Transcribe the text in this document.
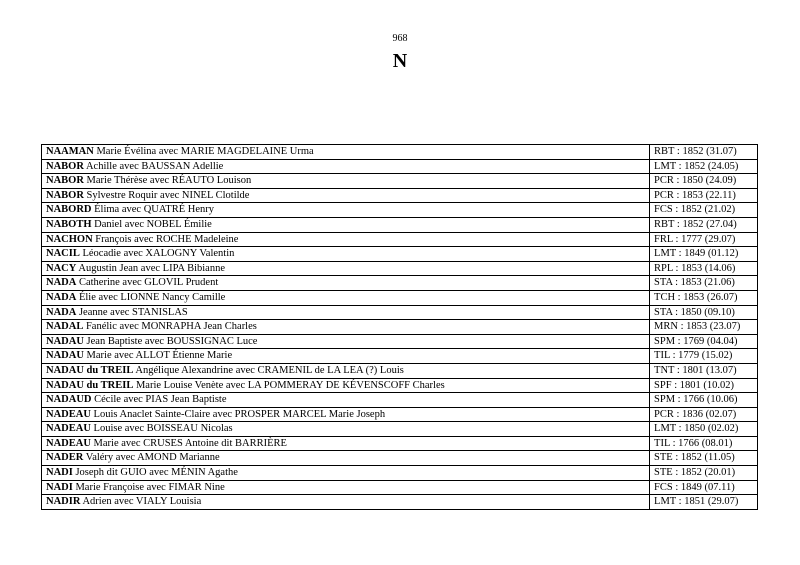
968
N
NAAMAN Marie Évélina avec MARIE MAGDELAINE Urma	RBT : 1852 (31.07)
NABOR Achille avec BAUSSAN Adellie	LMT : 1852 (24.05)
NABOR Marie Thérèse avec RÉAUTO Louison	PCR : 1850 (24.09)
NABOR Sylvestre Roquir avec NINEL Clotilde	PCR : 1853 (22.11)
NABORD Élima avec QUATRÉ Henry	FCS : 1852 (21.02)
NABOTH Daniel avec NOBEL Émilie	RBT : 1852 (27.04)
NACHON François avec ROCHE Madeleine	FRL : 1777 (29.07)
NACIL Léocadie avec XALOGNY Valentin	LMT : 1849 (01.12)
NACY Augustin Jean avec LIPA Bibianne	RPL : 1853 (14.06)
NADA Catherine avec GLOVIL Prudent	STA : 1853 (21.06)
NADA Élie avec LIONNE Nancy Camille	TCH : 1853 (26.07)
NADA Jeanne avec STANISLAS	STA : 1850 (09.10)
NADAL Fanélic avec MONRAPHA Jean Charles	MRN : 1853 (23.07)
NADAU Jean Baptiste avec BOUSSIGNAC Luce	SPM : 1769 (04.04)
NADAU Marie avec ALLOT Étienne Marie	TIL : 1779 (15.02)
NADAU du TREIL Angélique Alexandrine avec CRAMENIL de LA LEA (?) Louis	TNT : 1801 (13.07)
NADAU du TREIL Marie Louise Venète avec LA POMMERAY DE KÉVENSCOFF Charles	SPF : 1801 (10.02)
NADAUD Cécile avec PIAS Jean Baptiste	SPM : 1766 (10.06)
NADEAU Louis Anaclet Sainte-Claire avec PROSPER MARCEL Marie Joseph	PCR : 1836 (02.07)
NADEAU Louise avec BOISSEAU Nicolas	LMT : 1850 (02.02)
NADEAU Marie avec CRUSES Antoine dit BARRIÈRE	TIL : 1766 (08.01)
NADER Valéry avec AMOND Marianne	STE : 1852 (11.05)
NADI Joseph dit GUIO avec MÉNIN Agathe	STE : 1852 (20.01)
NADI Marie Françoise avec FIMAR Nine	FCS : 1849 (07.11)
NADIR Adrien avec VIALY Louisia	LMT : 1851 (29.07)
